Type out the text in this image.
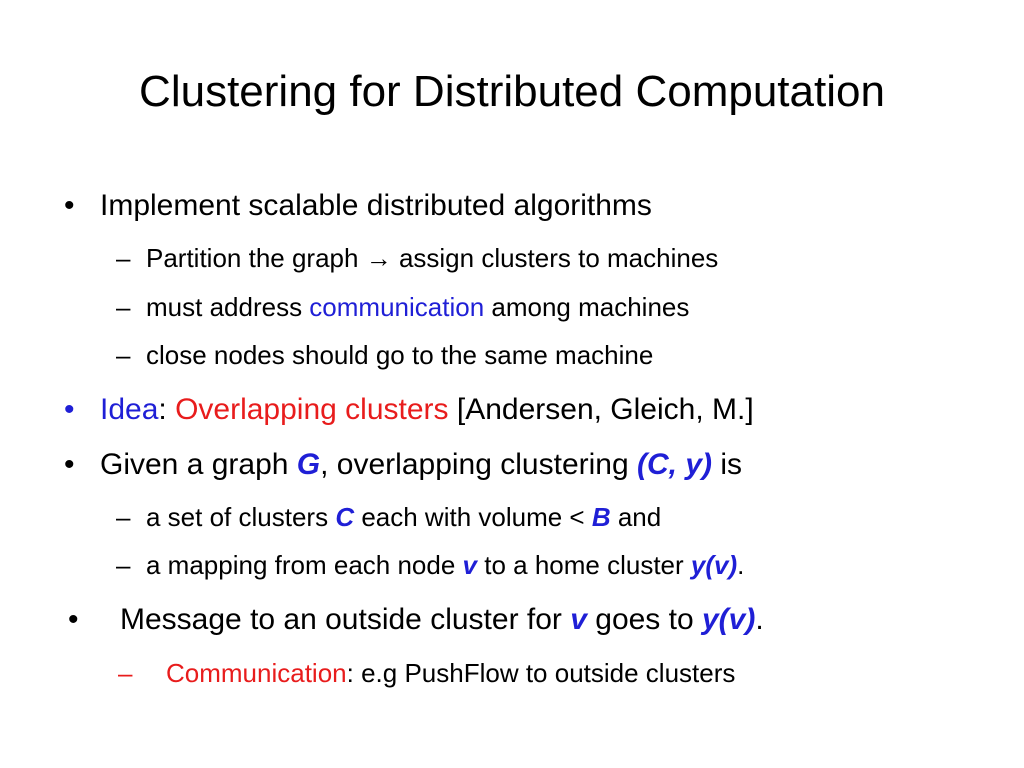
Clustering for Distributed Computation
• Implement scalable distributed algorithms
– Partition the graph → assign clusters to machines
– must address communication among machines
– close nodes should go to the same machine
• Idea: Overlapping clusters [Andersen, Gleich, M.]
• Given a graph G, overlapping clustering (C, y) is
– a set of clusters C each with volume < B and
– a mapping from each node v to a home cluster y(v).
• Message to an outside cluster for v goes to y(v).
– Communication: e.g PushFlow to outside clusters
